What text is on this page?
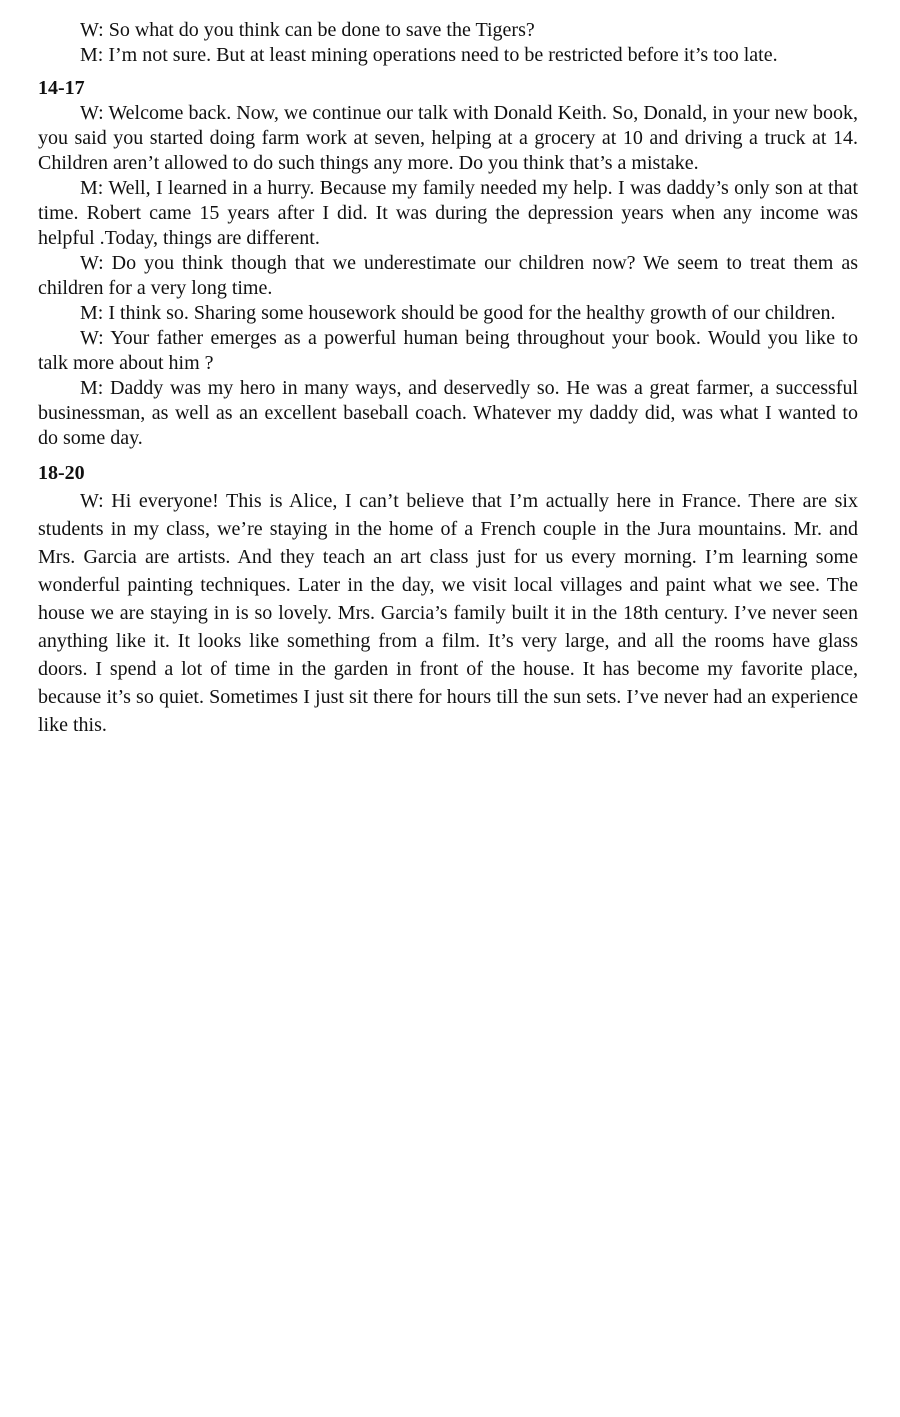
W: So what do you think can be done to save the Tigers?

M: I’m not sure. But at least mining operations need to be restricted before it’s too late.

14-17

W: Welcome back. Now, we continue our talk with Donald Keith. So, Donald, in your new book, you said you started doing farm work at seven, helping at a grocery at 10 and driving a truck at 14. Children aren’t allowed to do such things any more. Do you think that’s a mistake.

M: Well, I learned in a hurry. Because my family needed my help. I was daddy’s only son at that time. Robert came 15 years after I did. It was during the depression years when any income was helpful .Today, things are different.

W: Do you think though that we underestimate our children now? We seem to treat them as children for a very long time.

M: I think so. Sharing some housework should be good for the healthy growth of our children.

W: Your father emerges as a powerful human being throughout your book. Would you like to talk more about him ?

M: Daddy was my hero in many ways, and deservedly so. He was a great farmer, a successful businessman, as well as an excellent baseball coach. Whatever my daddy did, was what I wanted to do some day.

18-20

W: Hi everyone! This is Alice, I can’t believe that I’m actually here in France. There are six students in my class, we’re staying in the home of a French couple in the Jura mountains. Mr. and Mrs. Garcia are artists. And they teach an art class just for us every morning. I’m learning some wonderful painting techniques. Later in the day, we visit local villages and paint what we see. The house we are staying in is so lovely. Mrs. Garcia’s family built it in the 18th century. I’ve never seen anything like it. It looks like something from a film. It’s very large, and all the rooms have glass doors. I spend a lot of time in the garden in front of the house. It has become my favorite place, because it’s so quiet. Sometimes I just sit there for hours till the sun sets. I’ve never had an experience like this.
